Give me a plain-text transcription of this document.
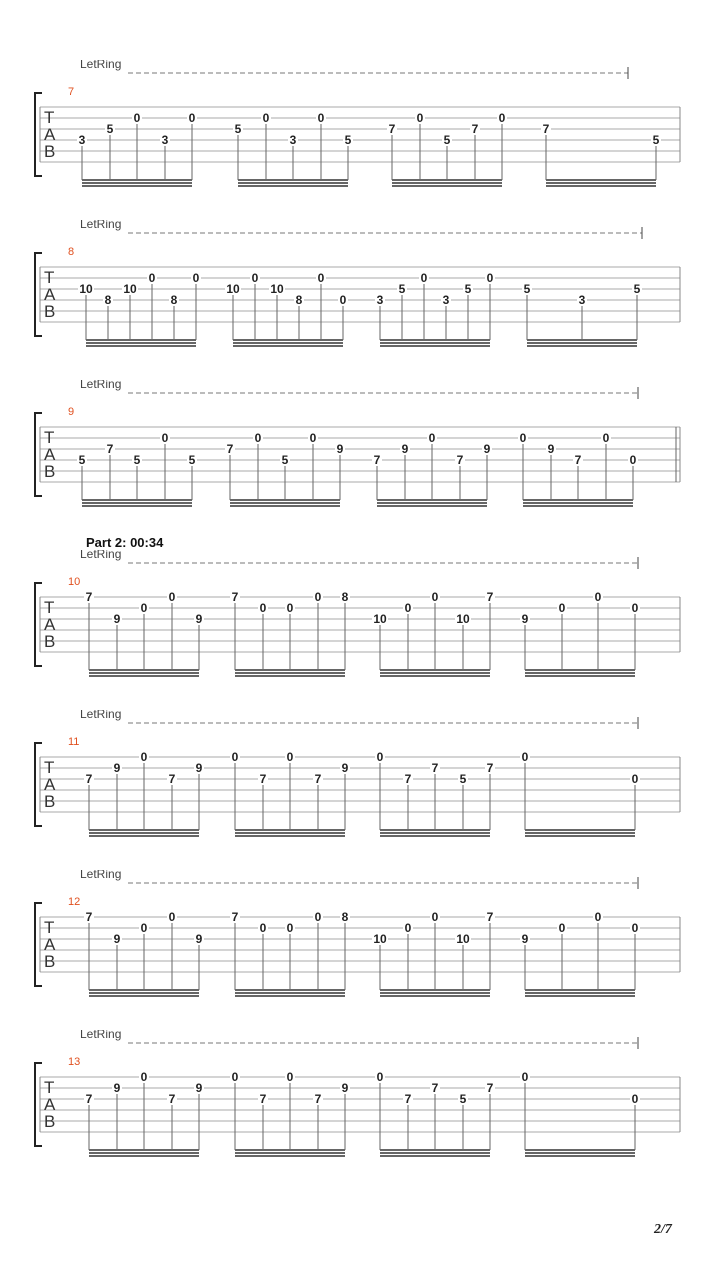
LetRing
7
T
A
B
3
5
0
3
0
5
0
3
0
5
7
0
5
7
0
7
5
LetRing
8
T
A
B
10
8
10
0
8
0
10
0
10
8
0
0	3
5
0
3
5
0
5
3
5
LetRing
9
T
A
B
5
7
5
0
5
7
0
5
0
9
7
9
0
7
9
0
9
7
0
0
Part 2: 00:34
LetRing
10
T
A
B
7
9
0
0
9
7
0 0
0 8
10
0
0
10
7
9
0
0
0
LetRing
11
T
A
B
7
9
0
7
9
0
7
0
7
9
0
7
7
5
7
0
0
LetRing
12
T
A
B
7
9
0
0
9
7
0 0
0 8
10
0
0
10
7
9
0
0
0
LetRing
13
T
A
B
7
9
0
7
9
0
7
0
7
9
0
7
7
5
7
0
0
2/7
